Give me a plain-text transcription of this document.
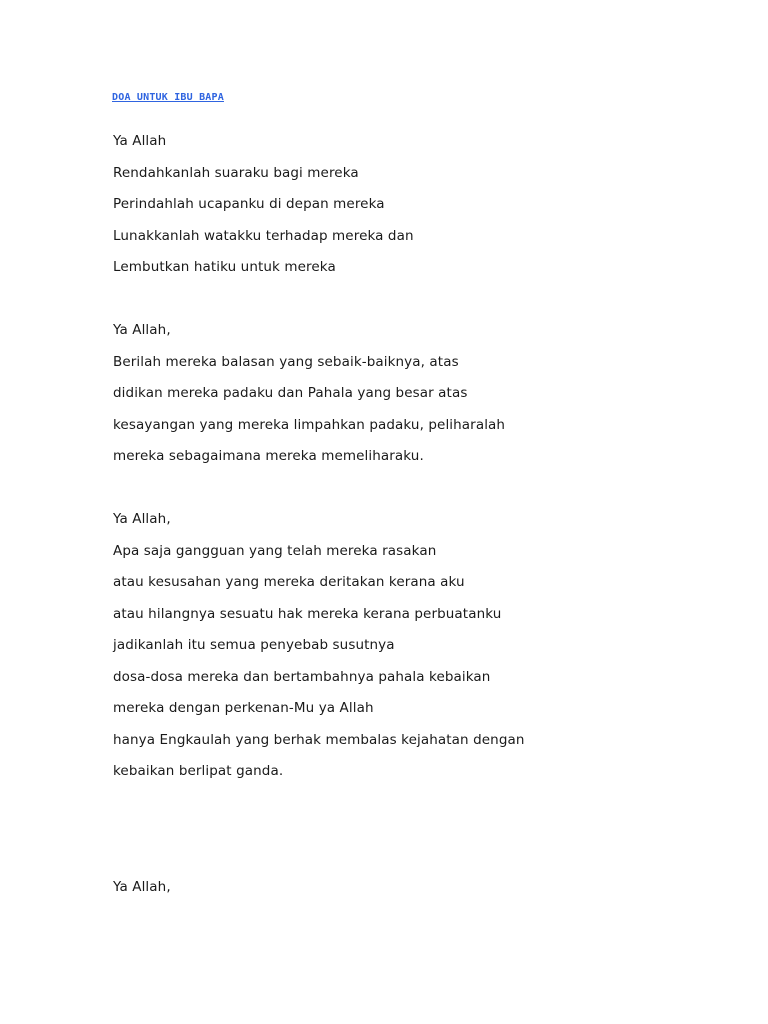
DOA UNTUK IBU BAPA
Ya Allah
Rendahkanlah suaraku bagi mereka
Perindahlah ucapanku di depan mereka
Lunakkanlah watakku terhadap mereka dan
Lembutkan hatiku untuk mereka
Ya Allah,
Berilah mereka balasan yang sebaik-baiknya, atas
didikan mereka padaku dan Pahala yang besar atas
kesayangan yang mereka limpahkan padaku, peliharalah
mereka sebagaimana mereka memeliharaku.
Ya Allah,
Apa saja gangguan yang telah mereka rasakan
atau kesusahan yang mereka deritakan kerana aku
atau hilangnya sesuatu hak mereka kerana perbuatanku
jadikanlah itu semua penyebab susutnya
dosa-dosa mereka dan bertambahnya pahala kebaikan
mereka dengan perkenan-Mu ya Allah
hanya Engkaulah yang berhak membalas kejahatan dengan
kebaikan berlipat ganda.
Ya Allah,
